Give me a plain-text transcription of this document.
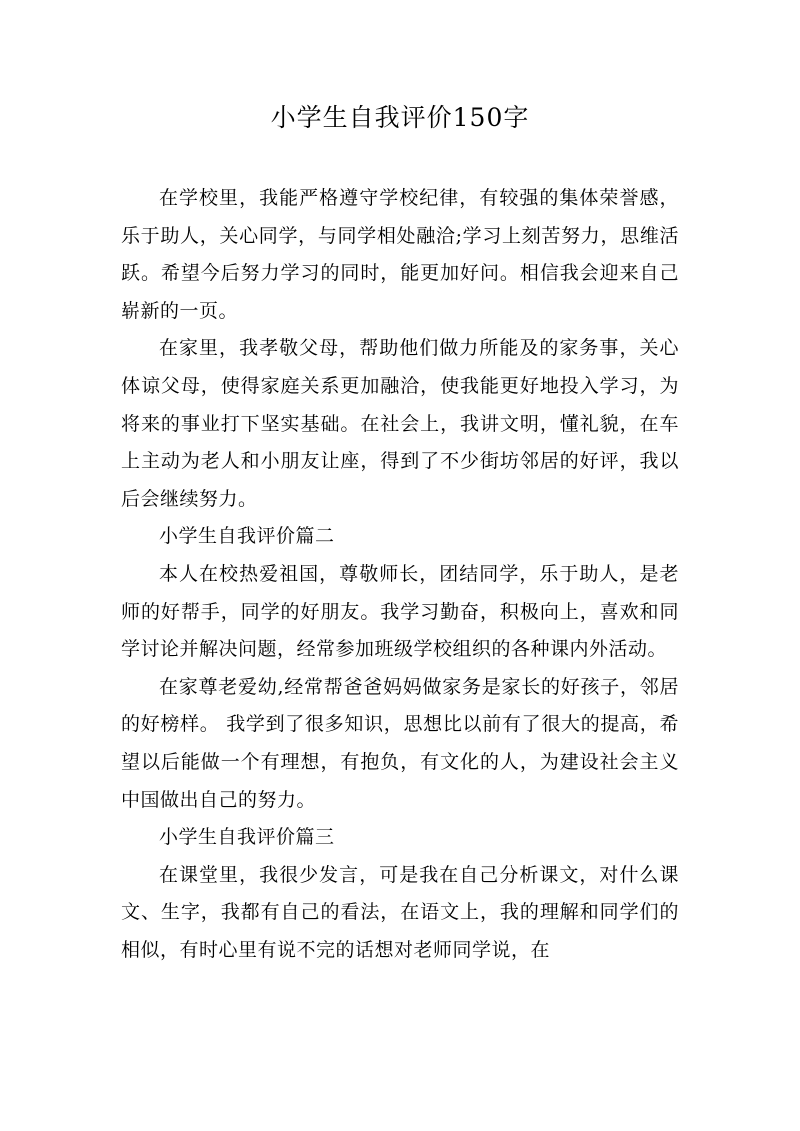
小学生自我评价150字

在学校里，我能严格遵守学校纪律，有较强的集体荣誉感，乐于助人，关心同学，与同学相处融洽;学习上刻苦努力，思维活跃。希望今后努力学习的同时，能更加好问。相信我会迎来自己崭新的一页。

在家里，我孝敬父母，帮助他们做力所能及的家务事，关心体谅父母，使得家庭关系更加融洽，使我能更好地投入学习，为将来的事业打下坚实基础。在社会上，我讲文明，懂礼貌，在车上主动为老人和小朋友让座，得到了不少街坊邻居的好评，我以后会继续努力。

小学生自我评价篇二

本人在校热爱祖国，尊敬师长，团结同学，乐于助人，是老师的好帮手，同学的好朋友。我学习勤奋，积极向上，喜欢和同学讨论并解决问题，经常参加班级学校组织的各种课内外活动。

在家尊老爱幼,经常帮爸爸妈妈做家务是家长的好孩子，邻居的好榜样。 我学到了很多知识，思想比以前有了很大的提高，希望以后能做一个有理想，有抱负，有文化的人，为建设社会主义中国做出自己的努力。

小学生自我评价篇三

在课堂里，我很少发言，可是我在自己分析课文，对什么课文、生字，我都有自己的看法，在语文上，我的理解和同学们的相似，有时心里有说不完的话想对老师同学说，在
